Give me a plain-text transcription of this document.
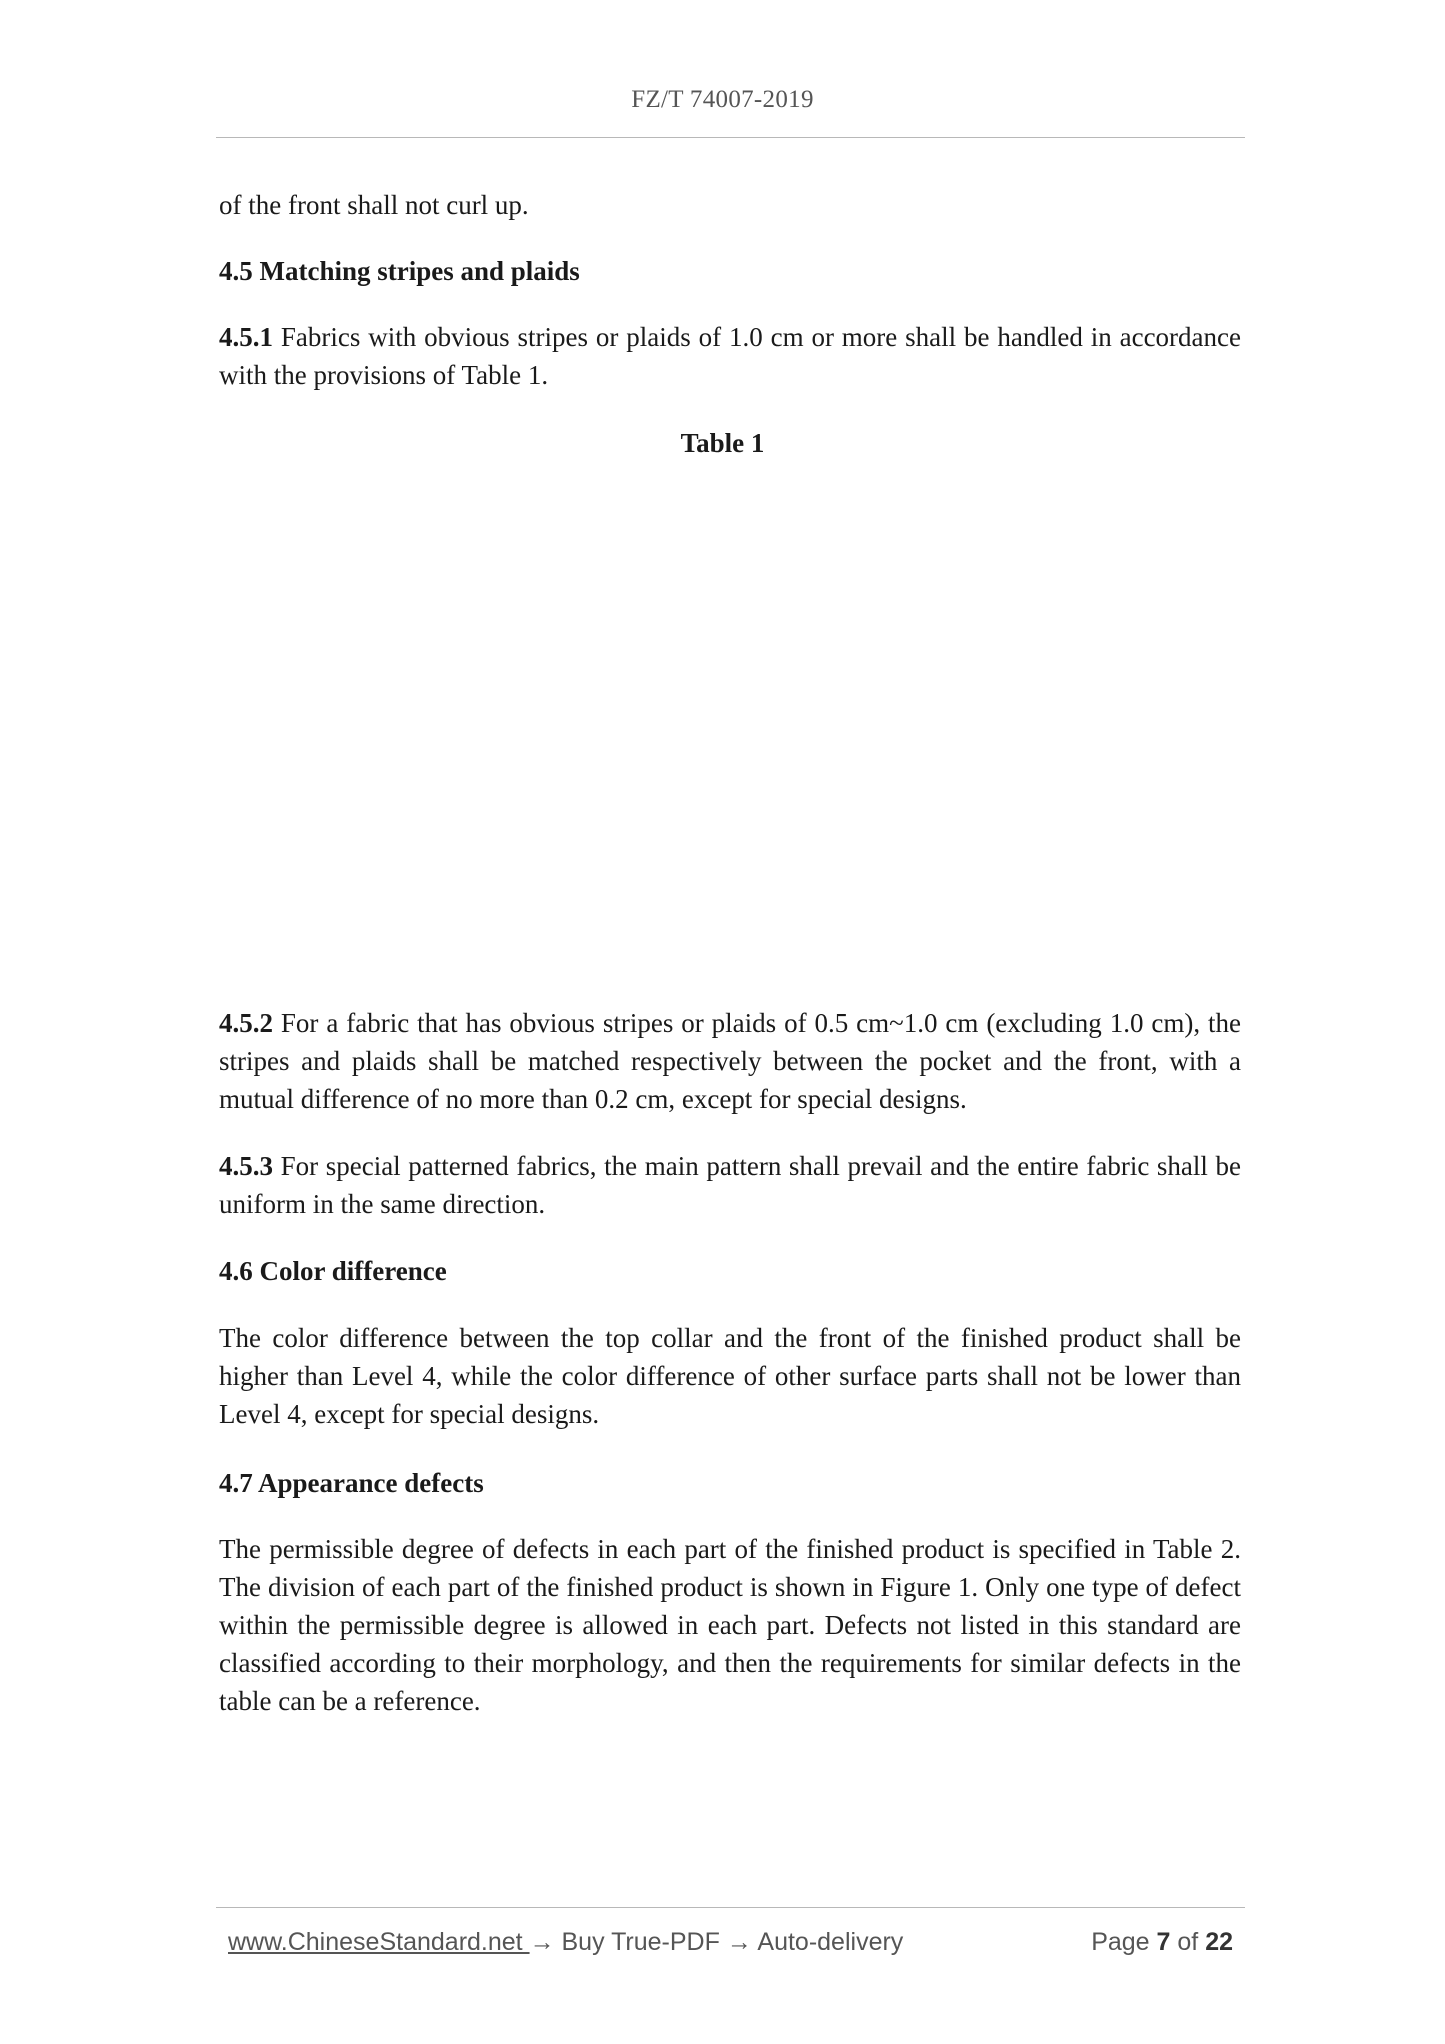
FZ/T 74007-2019
of the front shall not curl up.
4.5 Matching stripes and plaids
4.5.1 Fabrics with obvious stripes or plaids of 1.0 cm or more shall be handled in accordance with the provisions of Table 1.
Table 1
4.5.2 For a fabric that has obvious stripes or plaids of 0.5 cm~1.0 cm (excluding 1.0 cm), the stripes and plaids shall be matched respectively between the pocket and the front, with a mutual difference of no more than 0.2 cm, except for special designs.
4.5.3 For special patterned fabrics, the main pattern shall prevail and the entire fabric shall be uniform in the same direction.
4.6 Color difference
The color difference between the top collar and the front of the finished product shall be higher than Level 4, while the color difference of other surface parts shall not be lower than Level 4, except for special designs.
4.7 Appearance defects
The permissible degree of defects in each part of the finished product is specified in Table 2. The division of each part of the finished product is shown in Figure 1. Only one type of defect within the permissible degree is allowed in each part. Defects not listed in this standard are classified according to their morphology, and then the requirements for similar defects in the table can be a reference.
www.ChineseStandard.net → Buy True-PDF → Auto-delivery	Page 7 of 22
